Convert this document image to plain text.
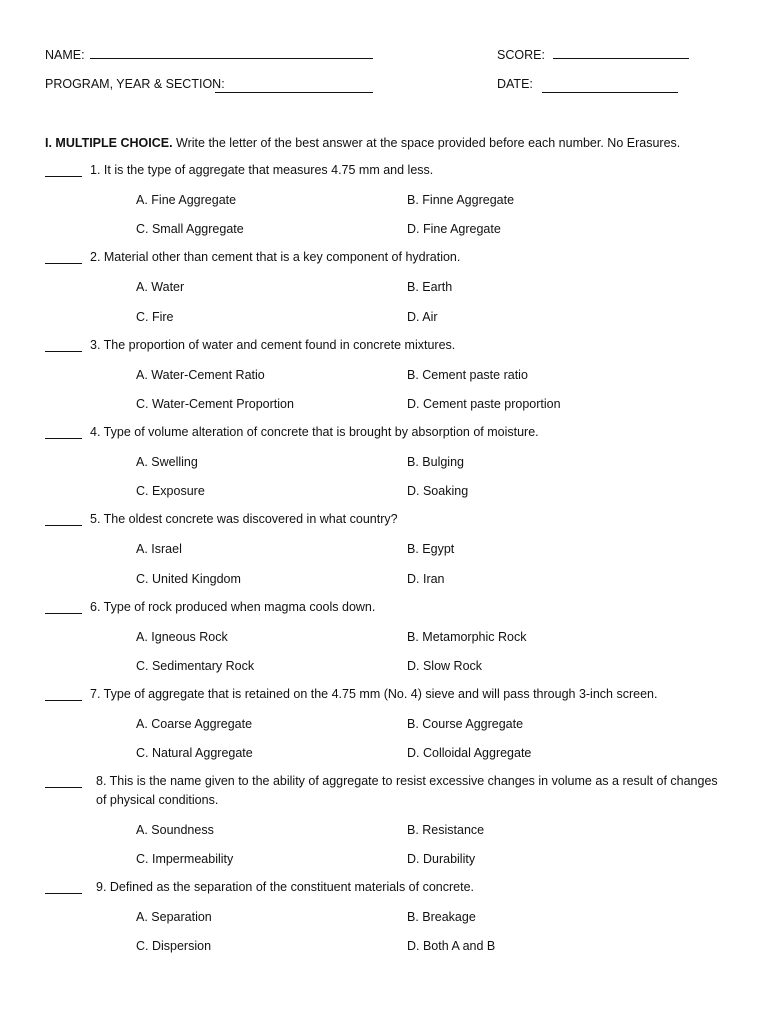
NAME:	SCORE:
PROGRAM, YEAR & SECTION:	DATE:
I. MULTIPLE CHOICE. Write the letter of the best answer at the space provided before each number. No Erasures.
1. It is the type of aggregate that measures 4.75 mm and less.
A. Fine Aggregate	B. Finne Aggregate
C. Small Aggregate	D. Fine Agregate
2. Material other than cement that is a key component of hydration.
A. Water	B. Earth
C. Fire	D. Air
3. The proportion of water and cement found in concrete mixtures.
A. Water-Cement Ratio	B. Cement paste ratio
C. Water-Cement Proportion	D. Cement paste proportion
4. Type of volume alteration of concrete that is brought by absorption of moisture.
A. Swelling	B. Bulging
C. Exposure	D. Soaking
5. The oldest concrete was discovered in what country?
A. Israel	B. Egypt
C. United Kingdom	D. Iran
6. Type of rock produced when magma cools down.
A. Igneous Rock	B. Metamorphic Rock
C. Sedimentary Rock	D. Slow Rock
7. Type of aggregate that is retained on the 4.75 mm (No. 4) sieve and will pass through 3-inch screen.
A. Coarse Aggregate	B. Course Aggregate
C. Natural Aggregate	D. Colloidal Aggregate
8. This is the name given to the ability of aggregate to resist excessive changes in volume as a result of changes of physical conditions.
A. Soundness	B. Resistance
C. Impermeability	D. Durability
9. Defined as the separation of the constituent materials of concrete.
A. Separation	B. Breakage
C. Dispersion	D. Both A and B
